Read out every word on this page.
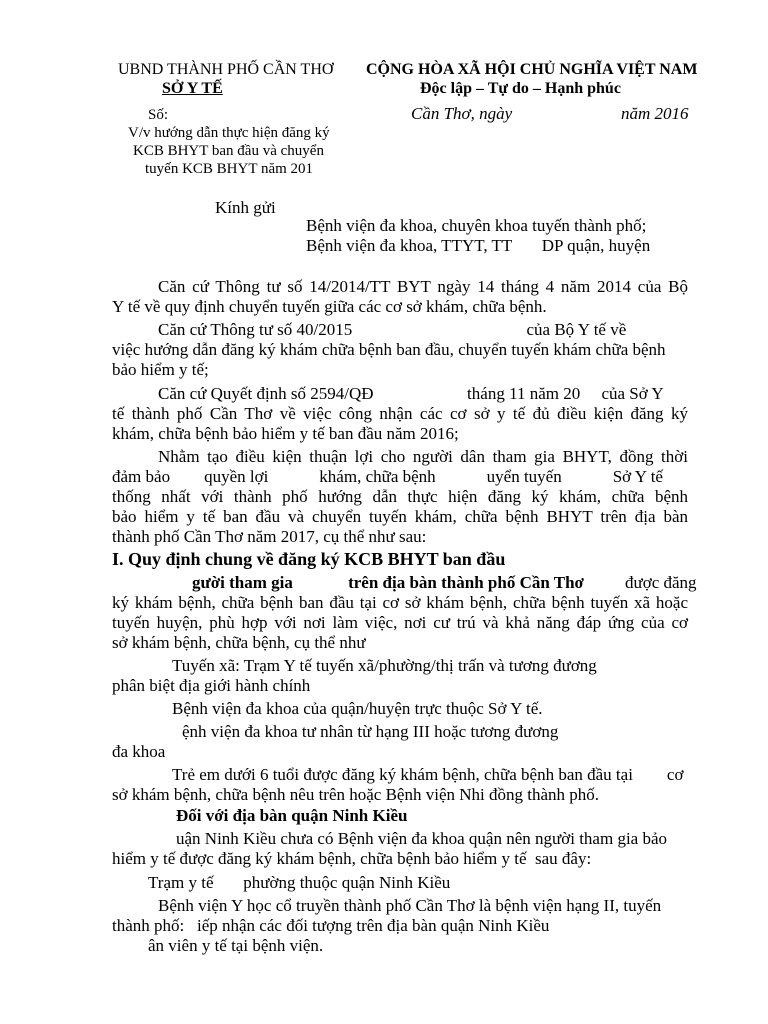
UBND THÀNH PHỐ CẦN THƠ
SỞ Y TẾ
CỘNG HÒA XÃ HỘI CHỦ NGHĨA VIỆT NAM
Độc lập – Tự do – Hạnh phúc
Số:	Cần Thơ, ngày	năm 2016
V/v hướng dẫn thực hiện đăng ký
KCB BHYT ban đầu và chuyển
tuyến KCB BHYT năm 201
Kính gửi
Bệnh viện đa khoa, chuyên khoa tuyến thành phố;
Bệnh viện đa khoa, TTYT, TT       DP quận, huyện
Căn cứ Thông tư số 14/2014/TT BYT ngày 14 tháng 4 năm 2014 của Bộ
Y tế về quy định chuyển tuyến giữa các cơ sở khám, chữa bệnh.
Căn cứ Thông tư số 40/2015                                         của Bộ Y tế về
việc hướng dẫn đăng ký khám chữa bệnh ban đầu, chuyển tuyến khám chữa bệnh
bảo hiểm y tế;
Căn cứ Quyết định số 2594/QĐ                      tháng 11 năm 20     của Sở Y
tế thành phố Cần Thơ về việc công nhận các cơ sở y tế đủ điều kiện đăng ký
khám, chữa bệnh bảo hiểm y tế ban đầu năm 2016;
Nhằm tạo điều kiện thuận lợi cho người dân tham gia BHYT, đồng thời
đảm bảo        quyền lợi            khám, chữa bệnh            uyển tuyến            Sở Y tế
thống nhất với thành phố hướng dẫn thực hiện đăng ký khám, chữa bệnh
bảo hiểm y tế ban đầu và chuyển tuyến khám, chữa bệnh BHYT trên địa bàn
thành phố Cần Thơ năm 2017, cụ thể như sau:
I. Quy định chung về đăng ký KCB BHYT ban đầu
gười tham gia             trên địa bàn thành phố Cần Thơ được đăng
ký khám bệnh, chữa bệnh ban đầu tại cơ sở khám bệnh, chữa bệnh tuyến xã hoặc
tuyến huyện, phù hợp với nơi làm việc, nơi cư trú và khả năng đáp ứng của cơ
sở khám bệnh, chữa bệnh, cụ thể như
Tuyến xã: Trạm Y tế tuyến xã/phường/thị trấn và tương đương
phân biệt địa giới hành chính
Bệnh viện đa khoa của quận/huyện trực thuộc Sở Y tế.
ệnh viện đa khoa tư nhân từ hạng III hoặc tương đương
đa khoa
Trẻ em dưới 6 tuổi được đăng ký khám bệnh, chữa bệnh ban đầu tại        cơ
sở khám bệnh, chữa bệnh nêu trên hoặc Bệnh viện Nhi đồng thành phố.
Đối với địa bàn quận Ninh Kiều
uận Ninh Kiều chưa có Bệnh viện đa khoa quận nên người tham gia bảo
hiểm y tế được đăng ký khám bệnh, chữa bệnh bảo hiểm y tế  sau đây:
Trạm y tế       phường thuộc quận Ninh Kiều
Bệnh viện Y học cổ truyền thành phố Cần Thơ là bệnh viện hạng II, tuyến
thành phố:   iếp nhận các đối tượng trên địa bàn quận Ninh Kiều
ân viên y tế tại bệnh viện.
